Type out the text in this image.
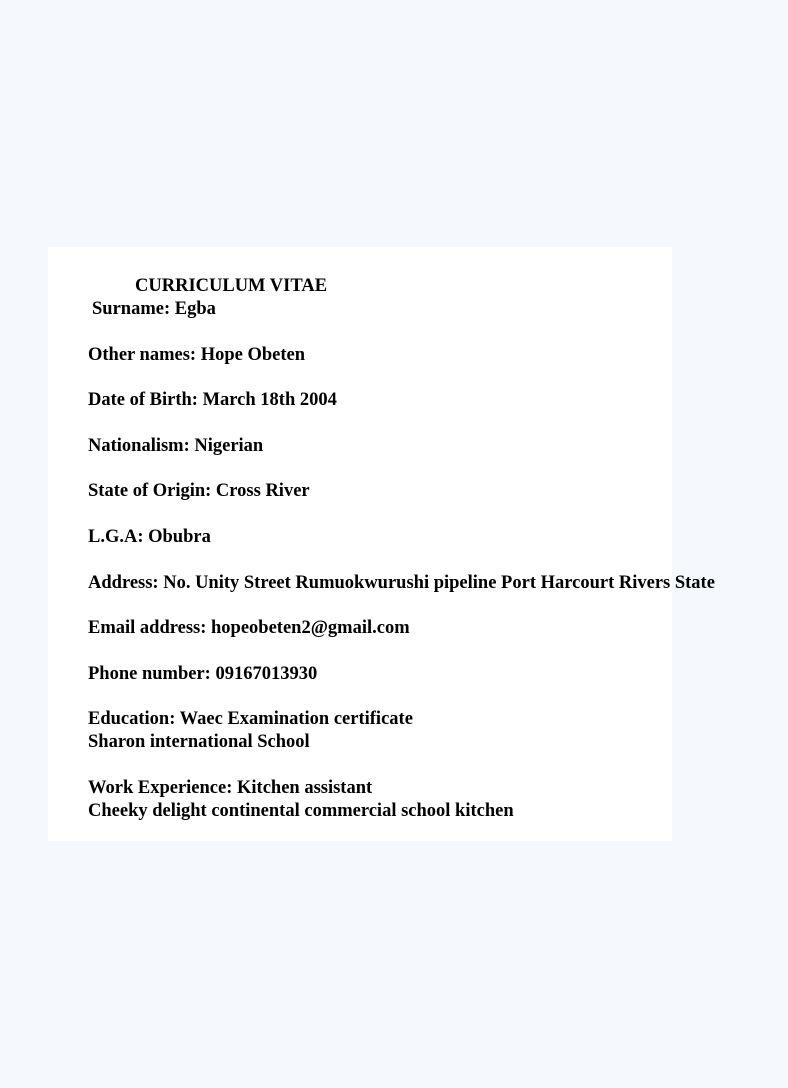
CURRICULUM VITAE
Surname: Egba
Other names: Hope Obeten
Date of Birth: March 18th 2004
Nationalism: Nigerian
State of Origin: Cross River
L.G.A: Obubra
Address: No. Unity Street Rumuokwurushi pipeline Port Harcourt Rivers State
Email address: hopeobeten2@gmail.com
Phone number: 09167013930
Education: Waec Examination certificate
Sharon international School
Work Experience: Kitchen assistant
Cheeky delight continental commercial school kitchen
